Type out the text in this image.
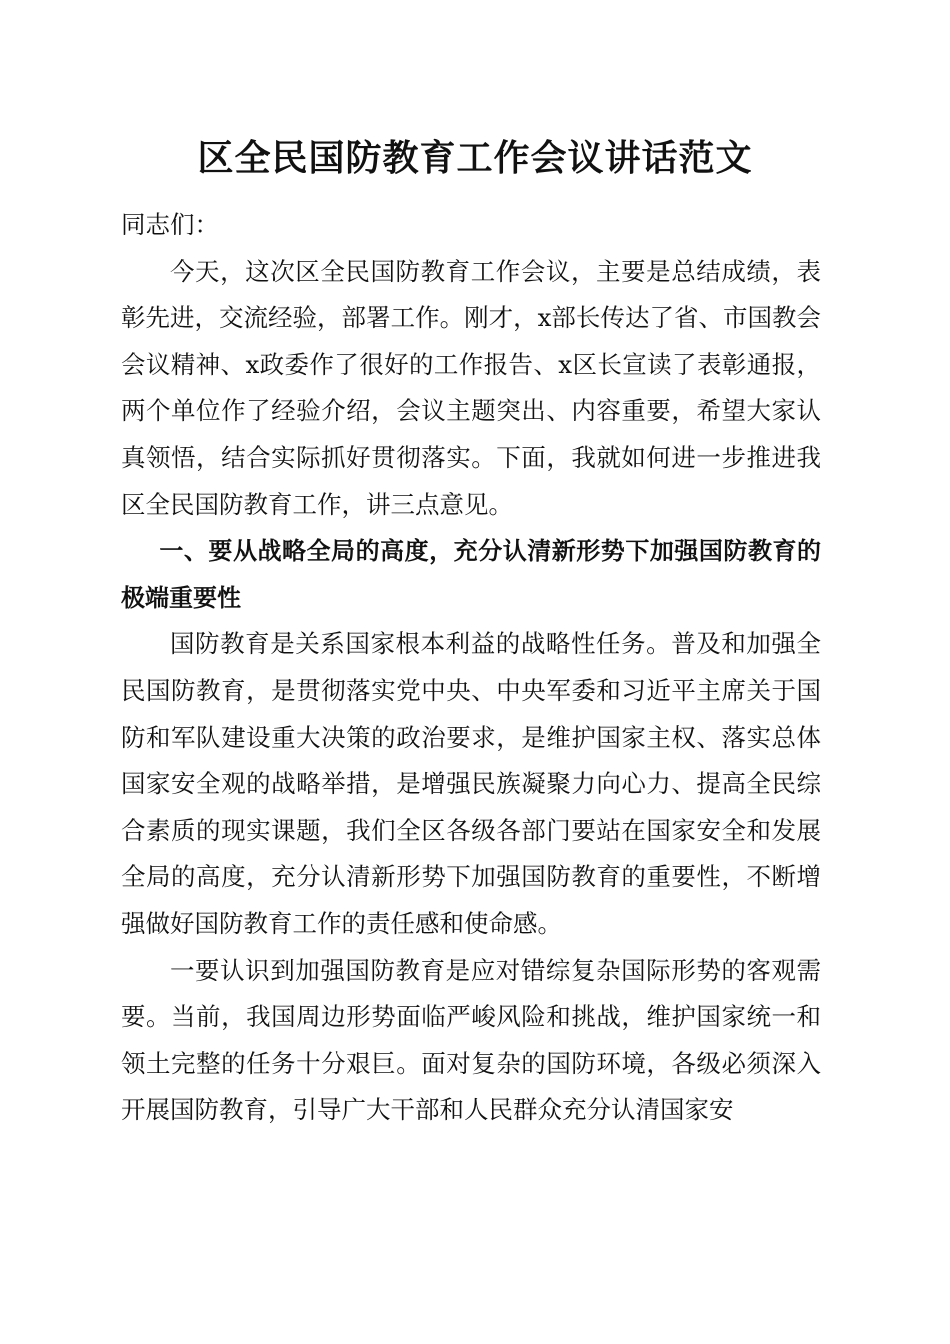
区全民国防教育工作会议讲话范文

同志们：

今天，这次区全民国防教育工作会议，主要是总结成绩，表彰先进，交流经验，部署工作。刚才，x部长传达了省、市国教会会议精神、x政委作了很好的工作报告、x区长宣读了表彰通报，两个单位作了经验介绍，会议主题突出、内容重要，希望大家认真领悟，结合实际抓好贯彻落实。下面，我就如何进一步推进我区全民国防教育工作，讲三点意见。

一、要从战略全局的高度，充分认清新形势下加强国防教育的极端重要性

国防教育是关系国家根本利益的战略性任务。普及和加强全民国防教育，是贯彻落实党中央、中央军委和习近平主席关于国防和军队建设重大决策的政治要求，是维护国家主权、落实总体国家安全观的战略举措，是增强民族凝聚力向心力、提高全民综合素质的现实课题，我们全区各级各部门要站在国家安全和发展全局的高度，充分认清新形势下加强国防教育的重要性，不断增强做好国防教育工作的责任感和使命感。

一要认识到加强国防教育是应对错综复杂国际形势的客观需要。当前，我国周边形势面临严峻风险和挑战，维护国家统一和领土完整的任务十分艰巨。面对复杂的国防环境，各级必须深入开展国防教育，引导广大干部和人民群众充分认清国家安
